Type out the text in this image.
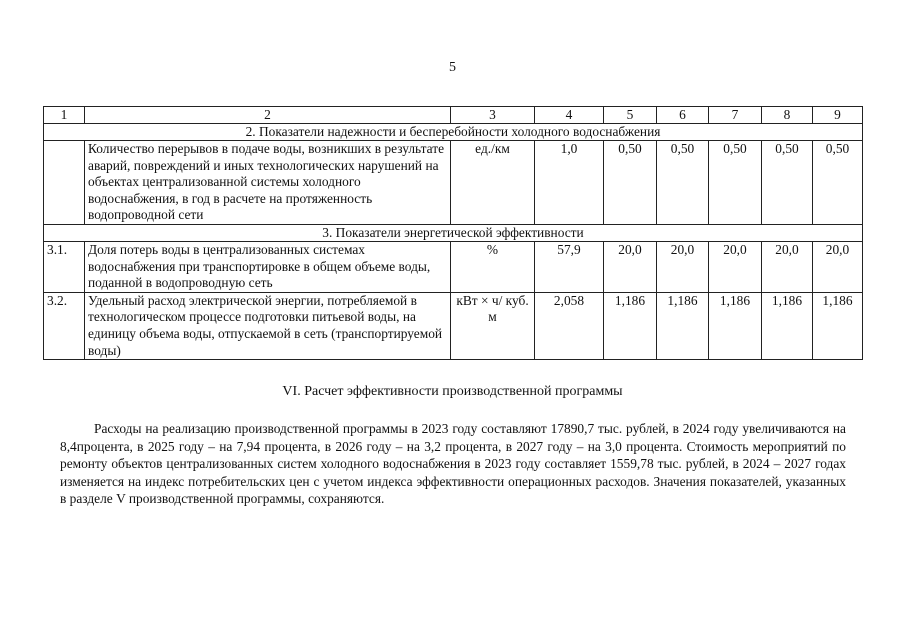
5
1	2	3	4	5	6	7	8	9
2. Показатели надежности и бесперебойности холодного водоснабжения								
	Количество перерывов в подаче воды, возникших в результате аварий, повреждений и иных технологических нарушений на объектах централизованной системы холодного водоснабжения, в год в расчете на протяженность водопроводной сети	ед./км	1,0	0,50	0,50	0,50	0,50	0,50
3. Показатели энергетической эффективности								
3.1.	Доля потерь воды в централизованных системах водоснабжения при транспортировке в общем объеме воды, поданной в водопроводную сеть	%	57,9	20,0	20,0	20,0	20,0	20,0
3.2.	Удельный расход электрической энергии, потребляемой в технологическом процессе подготовки питьевой воды, на единицу объема воды, отпускаемой в сеть (транспортируемой воды)	кВт × ч/ куб. м	2,058	1,186	1,186	1,186	1,186	1,186
VI. Расчет эффективности производственной программы

Расходы на реализацию производственной программы в 2023 году составляют 17890,7 тыс. рублей, в 2024 году увеличиваются на 8,4процента, в 2025 году – на 7,94 процента, в 2026 году – на 3,2 процента, в 2027 году – на 3,0 процента. Стоимость мероприятий по ремонту объектов централизованных систем холодного водоснабжения в 2023 году составляет 1559,78 тыс. рублей, в 2024 – 2027 годах изменяется на индекс потребительских цен с учетом индекса эффективности операционных расходов. Значения показателей, указанных в разделе V производственной программы, сохраняются.
